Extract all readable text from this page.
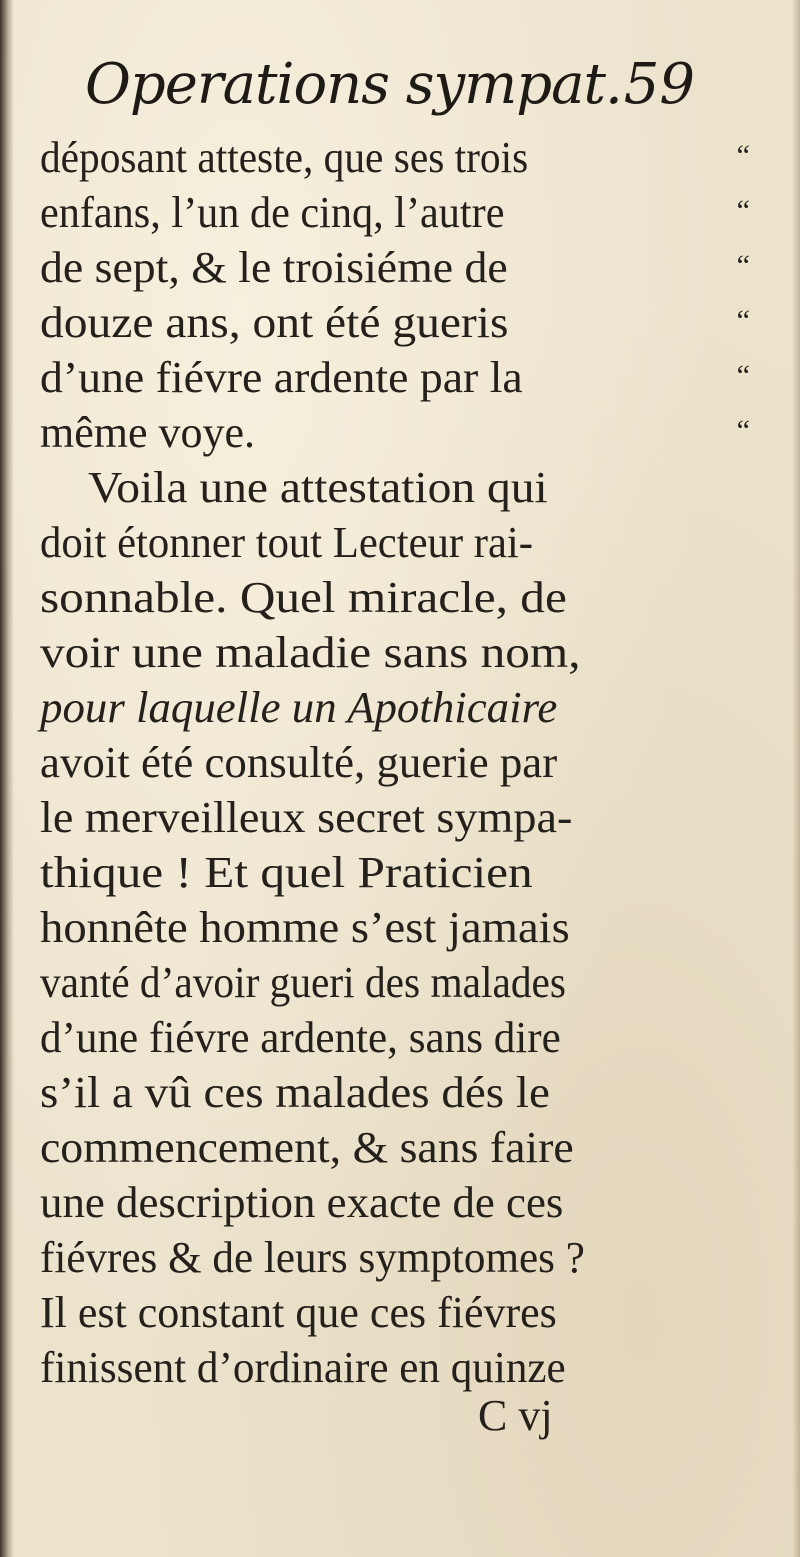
Operations sympat. 59
déposant atteste, que ses trois	“
enfans, l’un de cinq, l’autre	“
de sept, & le troisiéme de	“
douze ans, ont été gueris	“
d’une fiévre ardente par la	“
même voye.	“
Voila une attestation qui
doit étonner tout Lecteur rai-
sonnable. Quel miracle, de
voir une maladie sans nom,
pour laquelle un Apothicaire
avoit été consulté, guerie par
le merveilleux secret sympa-
thique ! Et quel Praticien
honnête homme s’est jamais
vanté d’avoir gueri des malades
d’une fiévre ardente, sans dire
s’il a vû ces malades dés le
commencement, & sans faire
une description exacte de ces
fiévres & de leurs symptomes ?
Il est constant que ces fiévres
finissent d’ordinaire en quinze
C vj
